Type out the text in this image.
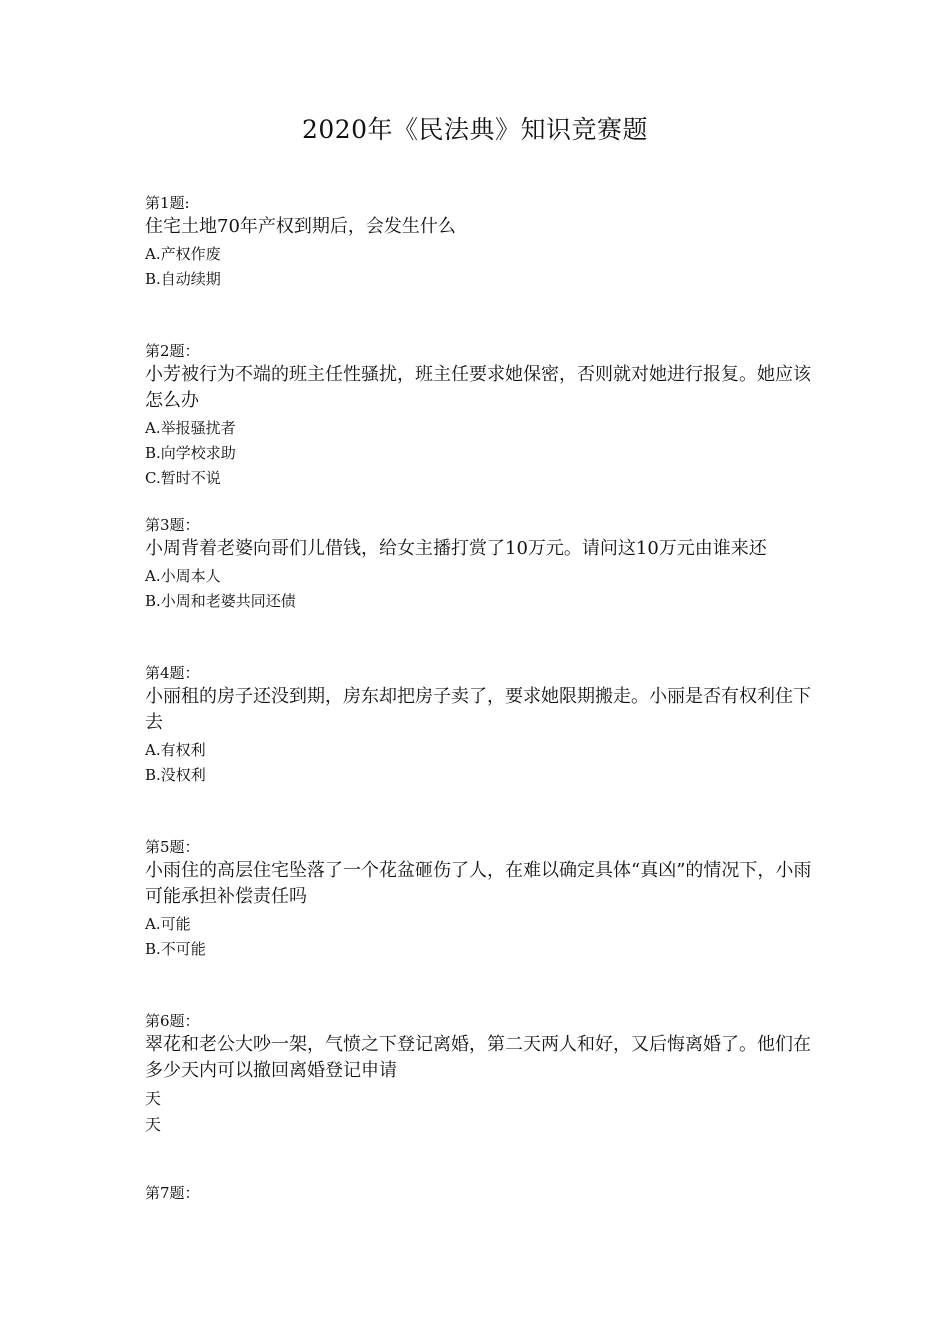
2020年《民法典》知识竞赛题

第1题:

住宅土地70年产权到期后，会发生什么

A.产权作废
B.自动续期

第2题：

小芳被行为不端的班主任性骚扰，班主任要求她保密，否则就对她进行报复。她应该怎么办

A.举报骚扰者
B.向学校求助
C.暂时不说

第3题：

小周背着老婆向哥们儿借钱，给女主播打赏了10万元。请问这10万元由谁来还

A.小周本人
B.小周和老婆共同还债

第4题：

小丽租的房子还没到期，房东却把房子卖了，要求她限期搬走。小丽是否有权利住下去

A.有权利
B.没权利

第5题：

小雨住的高层住宅坠落了一个花盆砸伤了人，在难以确定具体“真凶”的情况下，小雨可能承担补偿责任吗

A.可能
B.不可能

第6题：

翠花和老公大吵一架，气愤之下登记离婚，第二天两人和好，又后悔离婚了。他们在多少天内可以撤回离婚登记申请

天
天

第7题：
